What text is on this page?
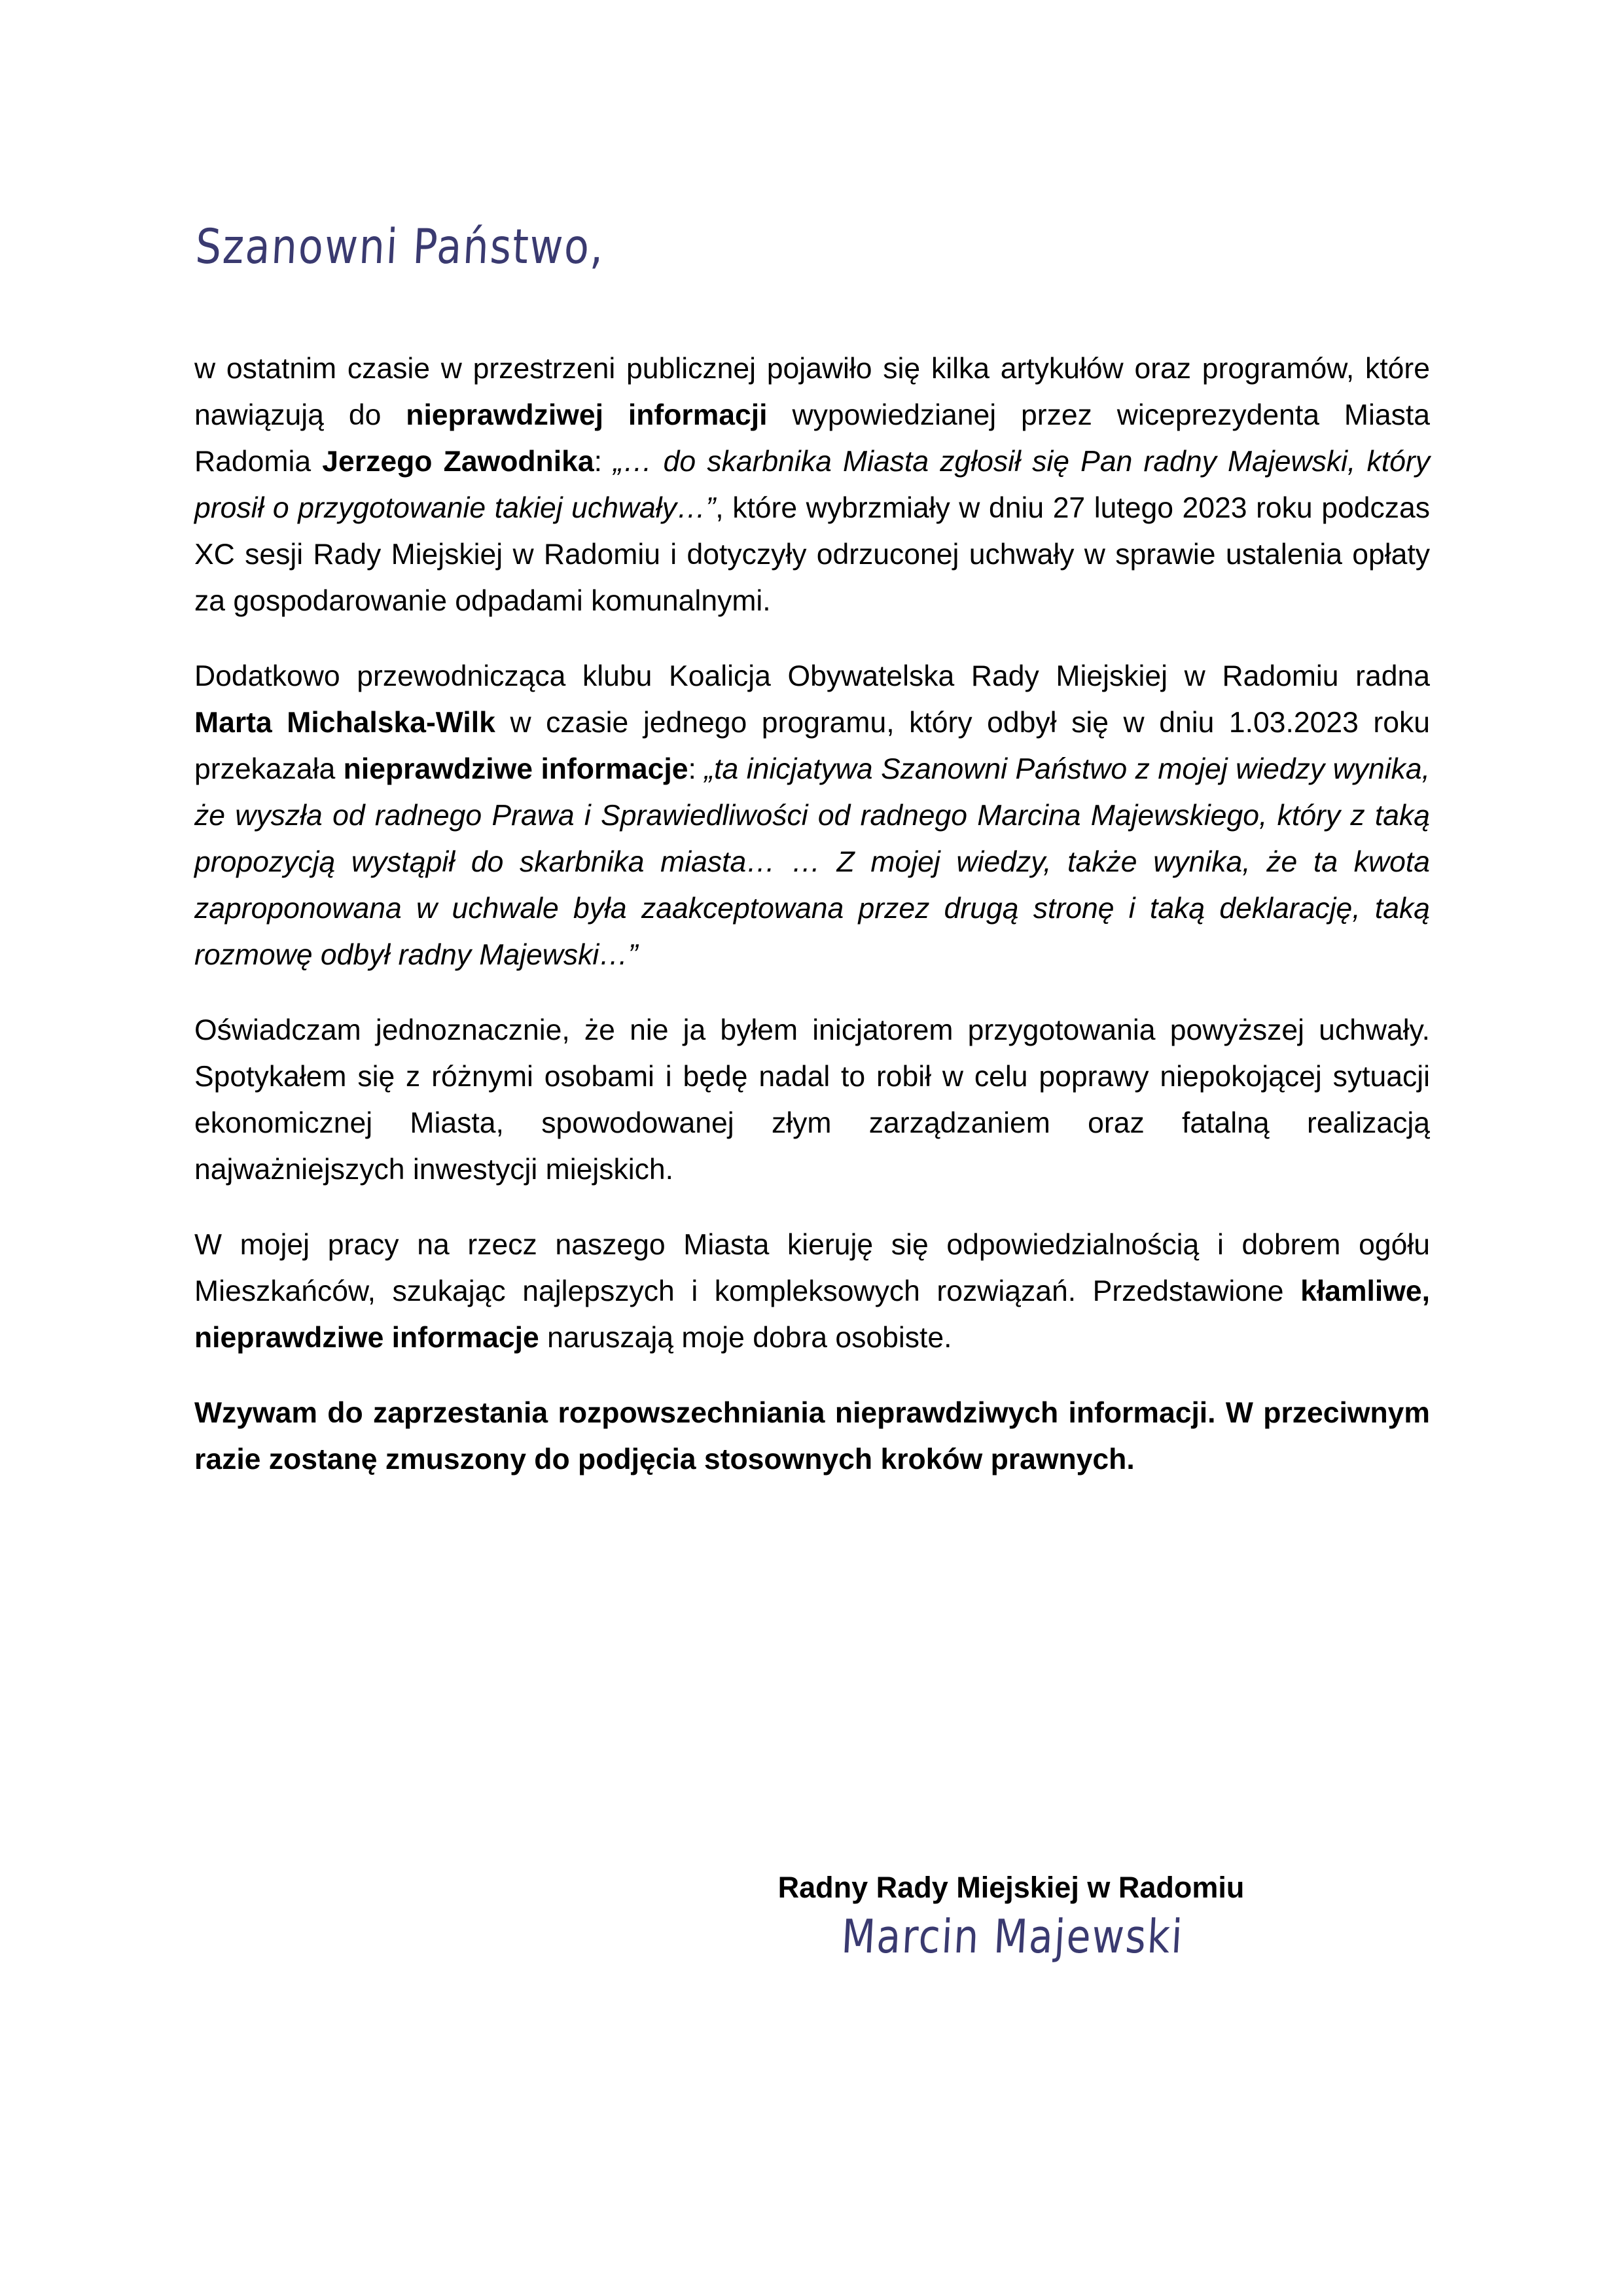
Szanowni Państwo,

w ostatnim czasie w przestrzeni publicznej pojawiło się kilka artykułów oraz programów, które nawiązują do nieprawdziwej informacji wypowiedzianej przez wiceprezydenta Miasta Radomia Jerzego Zawodnika: „… do skarbnika Miasta zgłosił się Pan radny Majewski, który prosił o przygotowanie takiej uchwały…”, które wybrzmiały w dniu 27 lutego 2023 roku podczas XC sesji Rady Miejskiej w Radomiu i dotyczyły odrzuconej uchwały w sprawie ustalenia opłaty za gospodarowanie odpadami komunalnymi.

Dodatkowo przewodnicząca klubu Koalicja Obywatelska Rady Miejskiej w Radomiu radna Marta Michalska-Wilk w czasie jednego programu, który odbył się w dniu 1.03.2023 roku przekazała nieprawdziwe informacje: „ta inicjatywa Szanowni Państwo z mojej wiedzy wynika, że wyszła od radnego Prawa i Sprawiedliwości od radnego Marcina Majewskiego, który z taką propozycją wystąpił do skarbnika miasta… … Z mojej wiedzy, także wynika, że ta kwota zaproponowana w uchwale była zaakceptowana przez drugą stronę i taką deklarację, taką rozmowę odbył radny Majewski…”

Oświadczam jednoznacznie, że nie ja byłem inicjatorem przygotowania powyższej uchwały. Spotykałem się z różnymi osobami i będę nadal to robił w celu poprawy niepokojącej sytuacji ekonomicznej Miasta, spowodowanej złym zarządzaniem oraz fatalną realizacją najważniejszych inwestycji miejskich.

W mojej pracy na rzecz naszego Miasta kieruję się odpowiedzialnością i dobrem ogółu Mieszkańców, szukając najlepszych i kompleksowych rozwiązań. Przedstawione kłamliwe, nieprawdziwe informacje naruszają moje dobra osobiste.

Wzywam do zaprzestania rozpowszechniania nieprawdziwych informacji. W przeciwnym razie zostanę zmuszony do podjęcia stosownych kroków prawnych.

Radny Rady Miejskiej w Radomiu
Marcin Majewski
